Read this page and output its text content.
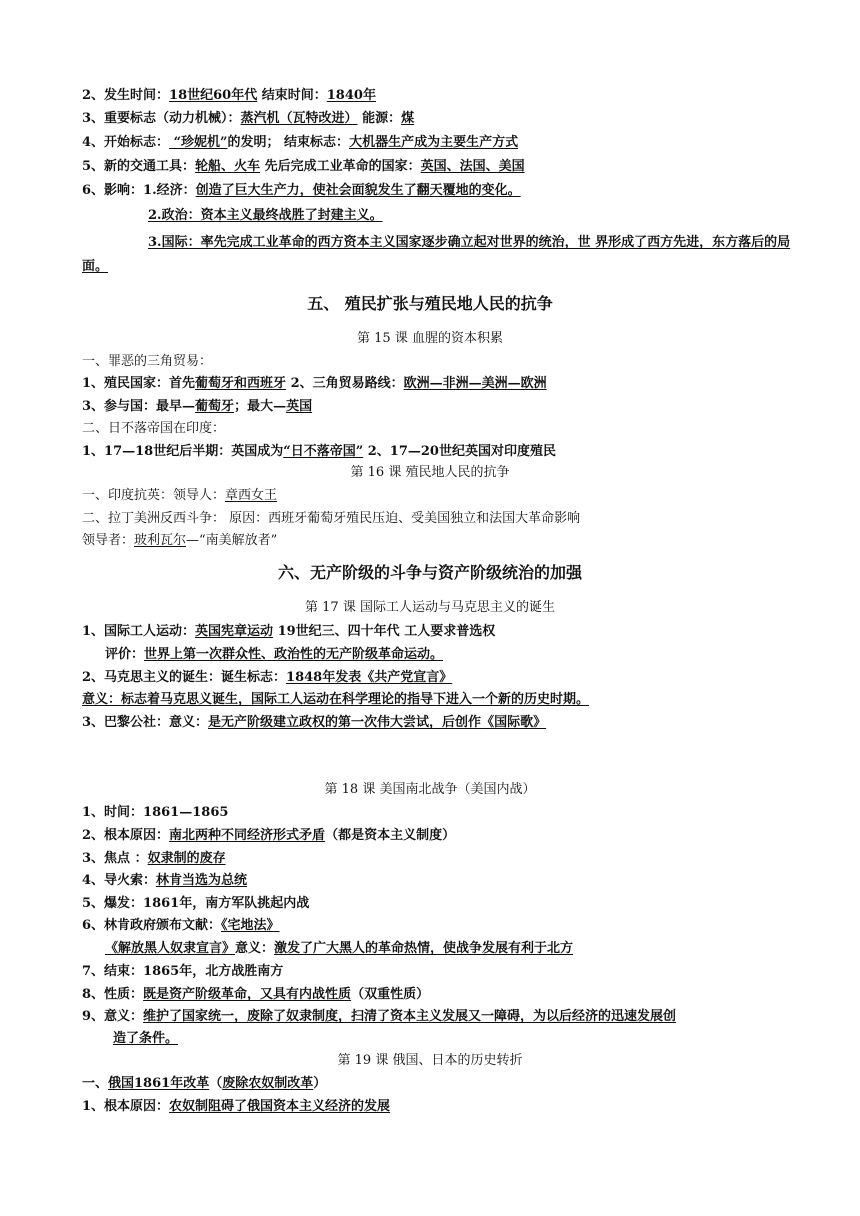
2、发生时间：18世纪60年代 结束时间：1840年
3、重要标志（动力机械）：蒸汽机（瓦特改进） 能源：煤
4、开始标志： “珍妮机”的发明； 结束标志：大机器生产成为主要生产方式
5、新的交通工具：轮船、火车 先后完成工业革命的国家：英国、法国、美国
6、影响：1.经济：创造了巨大生产力，使社会面貌发生了翻天覆地的变化。
2.政治：资本主义最终战胜了封建主义。
3.国际：率先完成工业革命的西方资本主义国家逐步确立起对世界的统治，世 界形成了西方先进，东方落后的局面。
五、 殖民扩张与殖民地人民的抗争
第 15 课 血腥的资本积累
一、罪恶的三角贸易：
1、殖民国家：首先葡萄牙和西班牙 2、三角贸易路线：欧洲—非洲—美洲—欧洲
3、参与国：最早—葡萄牙；最大—英国
二、日不落帝国在印度：
1、17—18世纪后半期：英国成为“日不落帝国” 2、17—20世纪英国对印度殖民
第 16 课 殖民地人民的抗争
一、印度抗英：领导人：章西女王
二、拉丁美洲反西斗争： 原因：西班牙葡萄牙殖民压迫、受美国独立和法国大革命影响
领导者：玻利瓦尔—“南美解放者”
六、无产阶级的斗争与资产阶级统治的加强
第 17 课 国际工人运动与马克思主义的诞生
1、国际工人运动：英国宪章运动 19世纪三、四十年代 工人要求普选权
评价：世界上第一次群众性、政治性的无产阶级革命运动。
2、马克思主义的诞生：诞生标志：1848年发表《共产党宣言》
意义：标志着马克思义诞生，国际工人运动在科学理论的指导下进入一个新的历史时期。
3、巴黎公社：意义：是无产阶级建立政权的第一次伟大尝试，后创作《国际歌》
第 18 课 美国南北战争（美国内战）
1、时间：1861—1865
2、根本原因：南北两种不同经济形式矛盾（都是资本主义制度）
3、焦点 ：奴隶制的废存
4、导火索：林肯当选为总统
5、爆发：1861年，南方军队挑起内战
6、林肯政府颁布文献：《宅地法》
《解放黑人奴隶宣言》意义：激发了广大黑人的革命热情，使战争发展有利于北方
7、结束：1865年，北方战胜南方
8、性质：既是资产阶级革命，又具有内战性质（双重性质）
9、意义：维护了国家统一，废除了奴隶制度，扫清了资本主义发展又一障碍，为以后经济的迅速发展创
造了条件。
第 19 课 俄国、日本的历史转折
一、俄国1861年改革（废除农奴制改革）
1、根本原因：农奴制阻碍了俄国资本主义经济的发展
